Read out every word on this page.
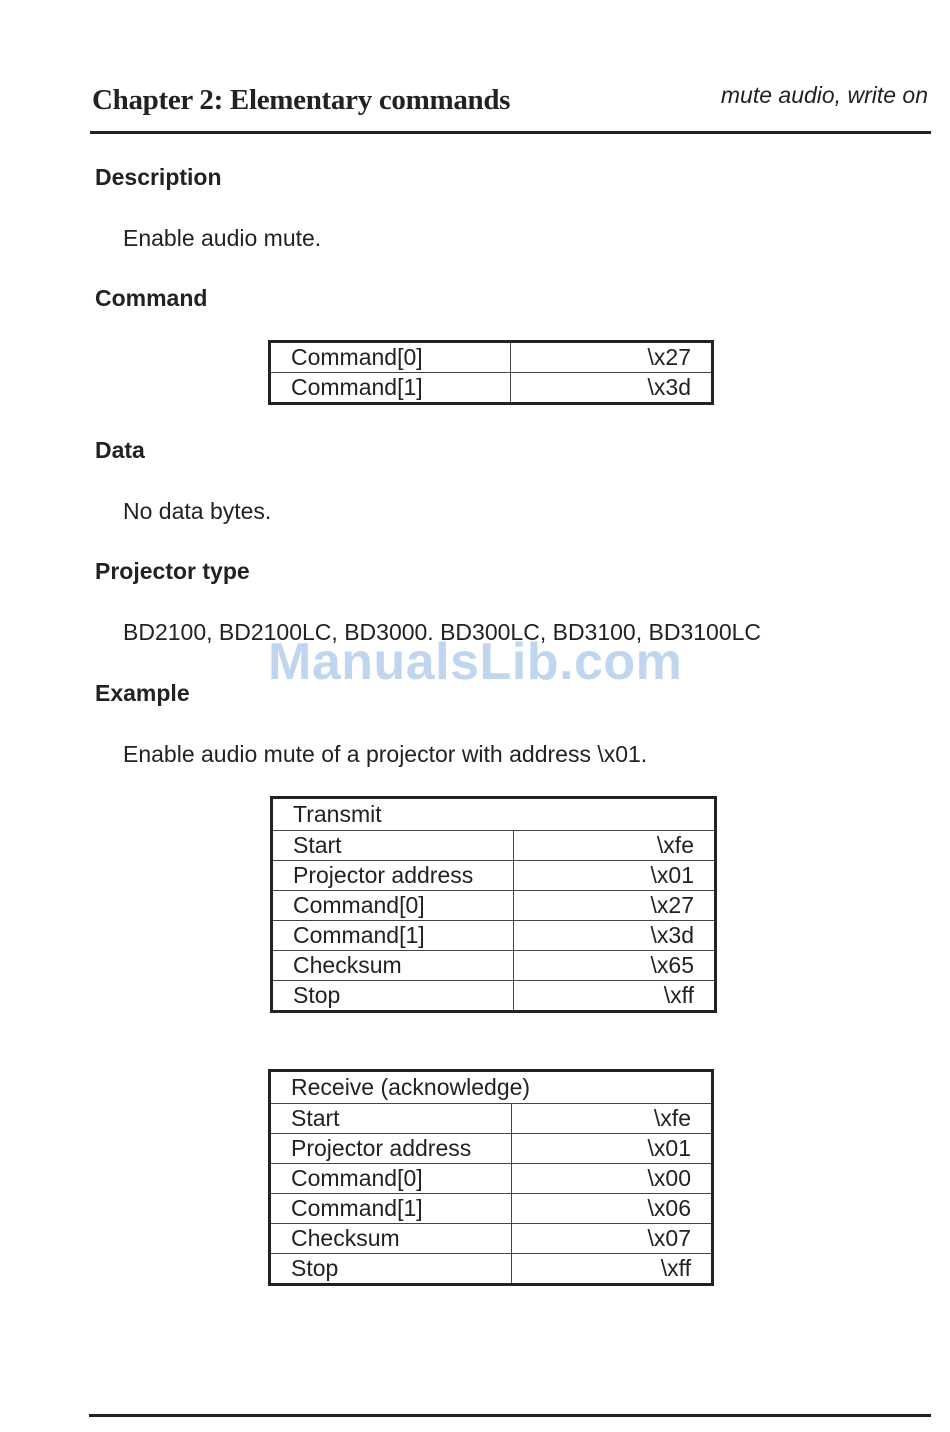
Chapter 2: Elementary commands	mute audio, write on
Description
Enable audio mute.
Command
Command[0]	\x27
Command[1]	\x3d
Data
No data bytes.
Projector type
BD2100, BD2100LC, BD3000. BD300LC, BD3100, BD3100LC
ManualsLib.com
Example
Enable audio mute of a projector with address \x01.
Transmit	
Start	\xfe
Projector address	\x01
Command[0]	\x27
Command[1]	\x3d
Checksum	\x65
Stop	\xff
Receive (acknowledge)	
Start	\xfe
Projector address	\x01
Command[0]	\x00
Command[1]	\x06
Checksum	\x07
Stop	\xff
